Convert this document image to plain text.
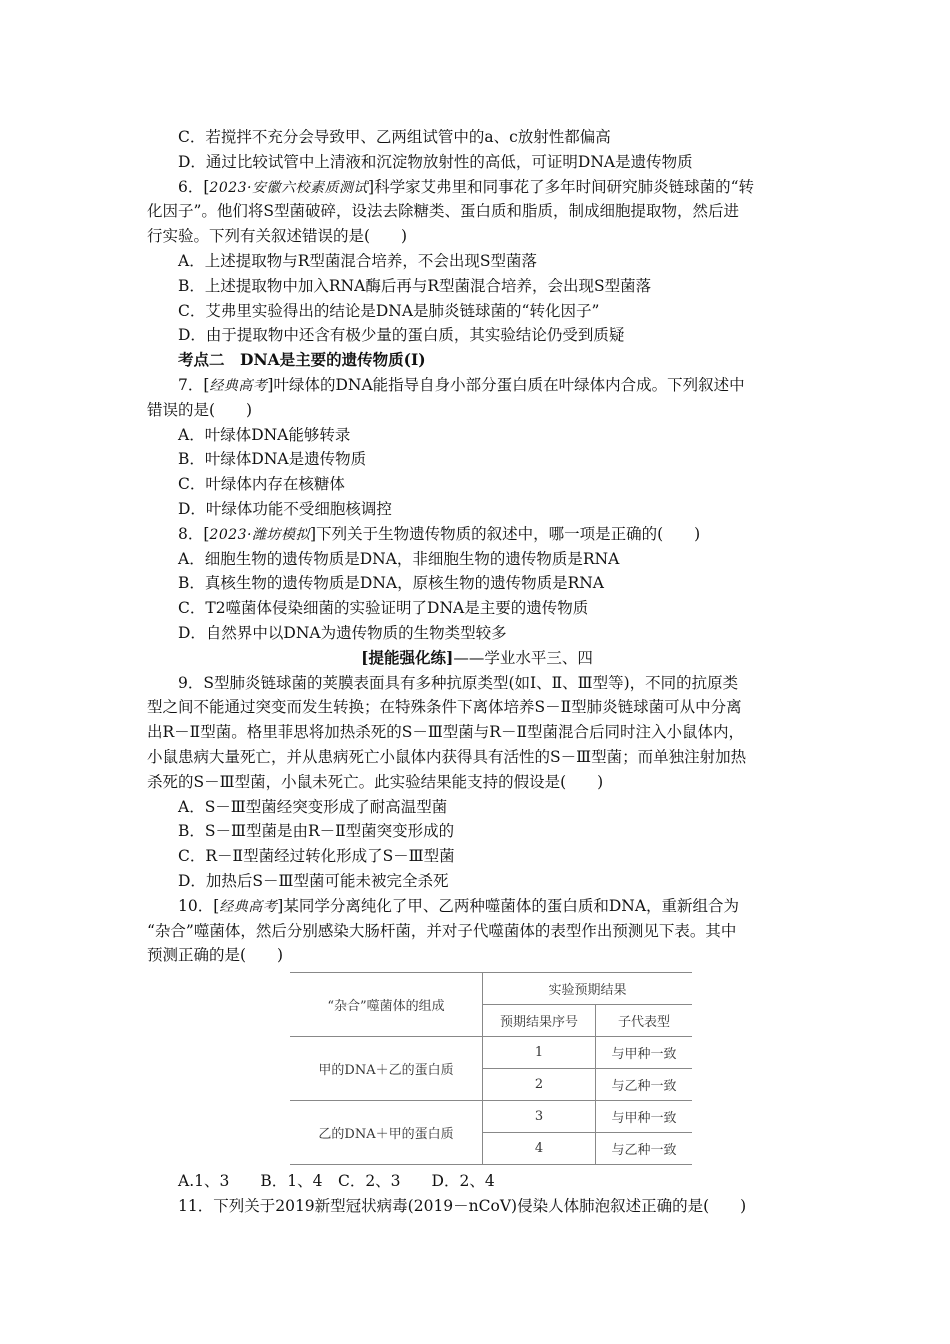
C．若搅拌不充分会导致甲、乙两组试管中的a、c放射性都偏高
D．通过比较试管中上清液和沉淀物放射性的高低，可证明DNA是遗传物质
6．[2023·安徽六校素质测试]科学家艾弗里和同事花了多年时间研究肺炎链球菌的“转
化因子”。他们将S型菌破碎，设法去除糖类、蛋白质和脂质，制成细胞提取物，然后进
行实验。下列有关叙述错误的是(　　)
A．上述提取物与R型菌混合培养，不会出现S型菌落
B．上述提取物中加入RNA酶后再与R型菌混合培养，会出现S型菌落
C．艾弗里实验得出的结论是DNA是肺炎链球菌的“转化因子”
D．由于提取物中还含有极少量的蛋白质，其实验结论仍受到质疑
考点二　DNA是主要的遗传物质(Ⅰ)
7．[经典高考]叶绿体的DNA能指导自身小部分蛋白质在叶绿体内合成。下列叙述中
错误的是(　　)
A．叶绿体DNA能够转录
B．叶绿体DNA是遗传物质
C．叶绿体内存在核糖体
D．叶绿体功能不受细胞核调控
8．[2023·潍坊模拟]下列关于生物遗传物质的叙述中，哪一项是正确的(　　)
A．细胞生物的遗传物质是DNA，非细胞生物的遗传物质是RNA
B．真核生物的遗传物质是DNA，原核生物的遗传物质是RNA
C．T2噬菌体侵染细菌的实验证明了DNA是主要的遗传物质
D．自然界中以DNA为遗传物质的生物类型较多
[提能强化练]——学业水平三、四
9．S型肺炎链球菌的荚膜表面具有多种抗原类型(如Ⅰ、Ⅱ、Ⅲ型等)，不同的抗原类
型之间不能通过突变而发生转换；在特殊条件下离体培养S－Ⅱ型肺炎链球菌可从中分离
出R－Ⅱ型菌。格里菲思将加热杀死的S－Ⅲ型菌与R－Ⅱ型菌混合后同时注入小鼠体内，
小鼠患病大量死亡，并从患病死亡小鼠体内获得具有活性的S－Ⅲ型菌；而单独注射加热
杀死的S－Ⅲ型菌，小鼠未死亡。此实验结果能支持的假设是(　　)
A．S－Ⅲ型菌经突变形成了耐高温型菌
B．S－Ⅲ型菌是由R－Ⅱ型菌突变形成的
C．R－Ⅱ型菌经过转化形成了S－Ⅲ型菌
D．加热后S－Ⅲ型菌可能未被完全杀死
10．[经典高考]某同学分离纯化了甲、乙两种噬菌体的蛋白质和DNA，重新组合为
“杂合”噬菌体，然后分别感染大肠杆菌，并对子代噬菌体的表型作出预测见下表。其中
预测正确的是(　　)
“杂合”噬菌体的组成	实验预期结果	
	预期结果序号	子代表型
甲的DNA＋乙的蛋白质	1	与甲种一致
	2	与乙种一致
乙的DNA＋甲的蛋白质	3	与甲种一致
	4	与乙种一致
A.1、3　　B．1、4　C．2、3　　D．2、4
11．下列关于2019新型冠状病毒(2019－nCoV)侵染人体肺泡叙述正确的是(　　)
